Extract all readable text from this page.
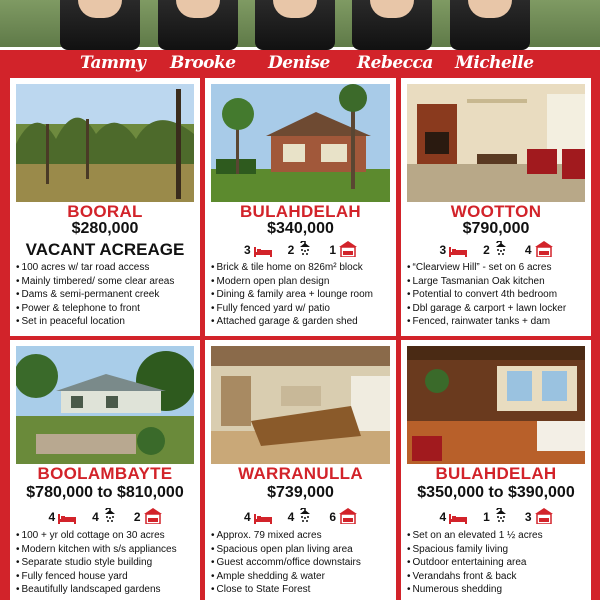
Tammy Brooke Denise Rebecca Michelle
BOORAL
$280,000
VACANT ACREAGE
• 100 acres w/ tar road access
• Mainly timbered/ some clear areas
• Dams & semi-permanent creek
• Power & telephone to front
• Set in peaceful location
BULAHDELAH
$340,000
3	2	1
• Brick & tile home on 826m² block
• Modern open plan design
• Dining & family area + lounge room
• Fully fenced yard w/ patio
• Attached garage & garden shed
WOOTTON
$790,000
3	2	4
• “Clearview Hill” - set on 6 acres
• Large Tasmanian Oak kitchen
• Potential to convert 4th bedroom
• Dbl garage & carport + lawn locker
• Fenced, rainwater tanks + dam
BOOLAMBAYTE
$780,000 to $810,000
4	4	2
• 100 + yr old cottage on 30 acres
• Modern kitchen with s/s appliances
• Separate studio style building
• Fully fenced house yard
• Beautifully landscaped gardens
WARRANULLA
$739,000
4	4	6
• Approx. 79 mixed acres
• Spacious open plan living area
• Guest accomm/office downstairs
• Ample shedding & water
• Close to State Forest
BULAHDELAH
$350,000 to $390,000
4	1	3
• Set on an elevated 1 ½ acres
• Spacious family living
• Outdoor entertaining area
• Verandahs front & back
• Numerous shedding
